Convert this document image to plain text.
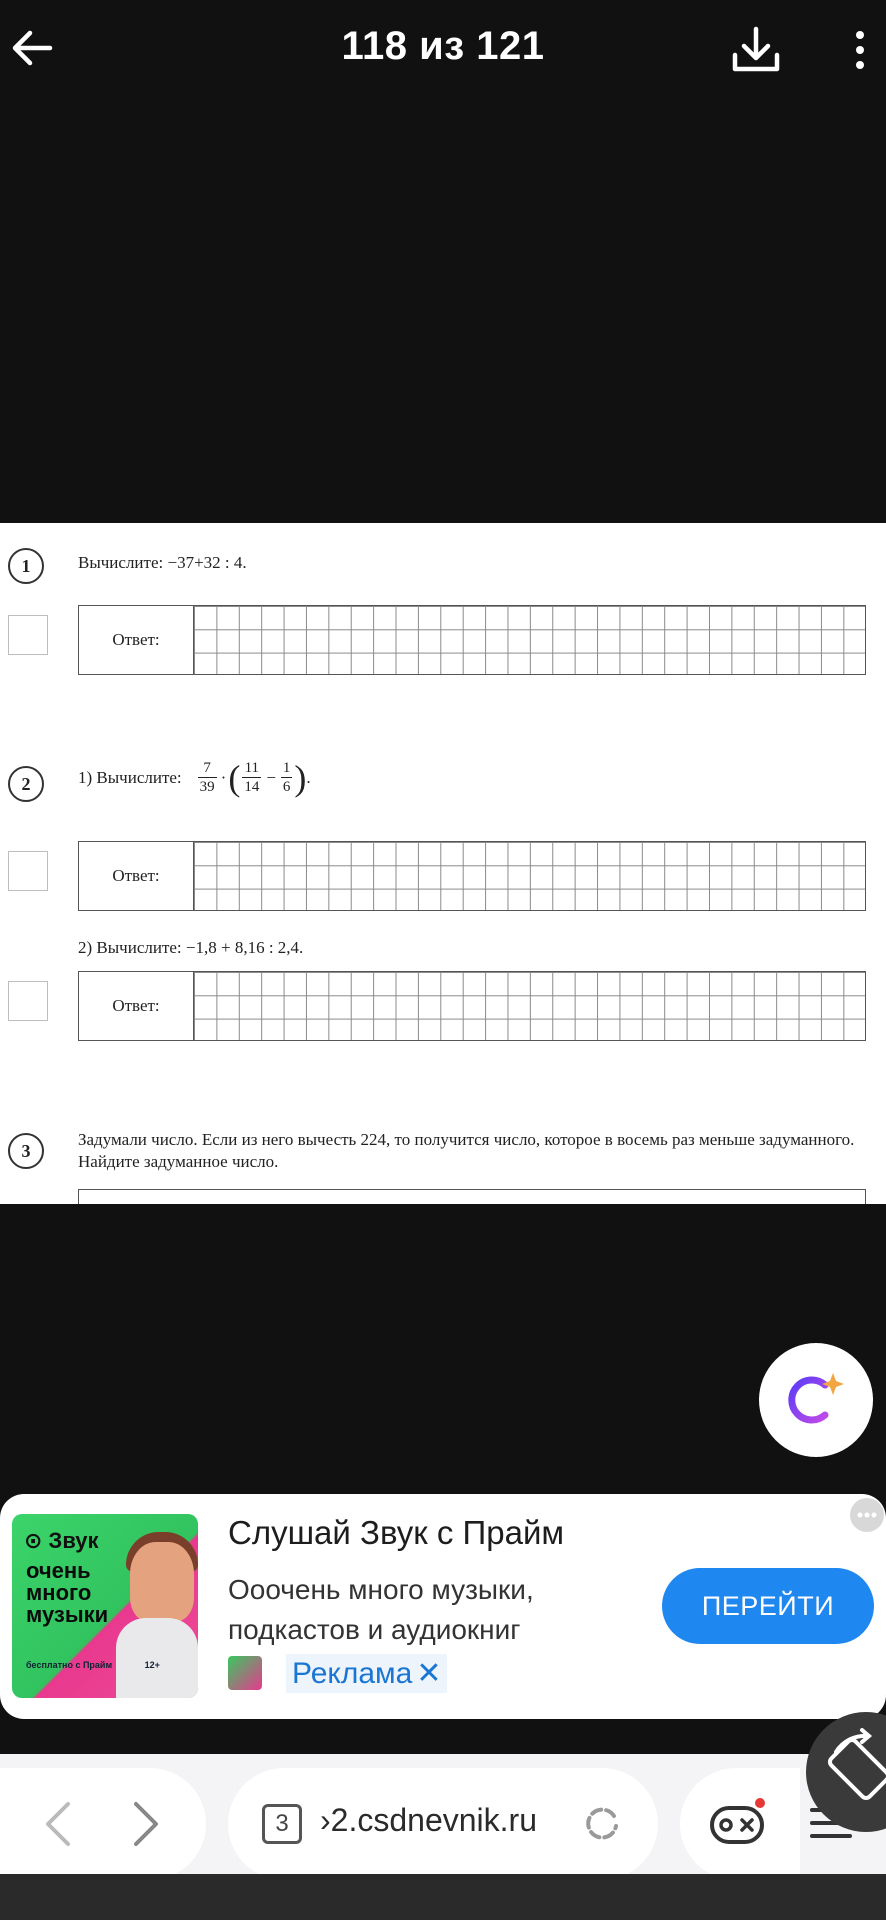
118 из 121
1	Вычислите: −37+32 : 4.
Ответ:
2	1) Вычислите: $\frac{7}{39}$ · ( $\frac{11}{14} - \frac{1}{6}$ ) .
Ответ:
2) Вычислите: −1,8 + 8,16 : 2,4.
Ответ:
3
Задумали число. Если из него вычесть 224, то получится число, которое в восемь раз меньше задуманного. Найдите задуманное число.
⊙ Звук
очень много музыки
бесплатно с Прайм	12+
Слушай Звук с Прайм
Ооочень много музыки, подкастов и аудиокниг
Реклама ✕
ПЕРЕЙТИ
3 ›2.csdnevnik.ru
